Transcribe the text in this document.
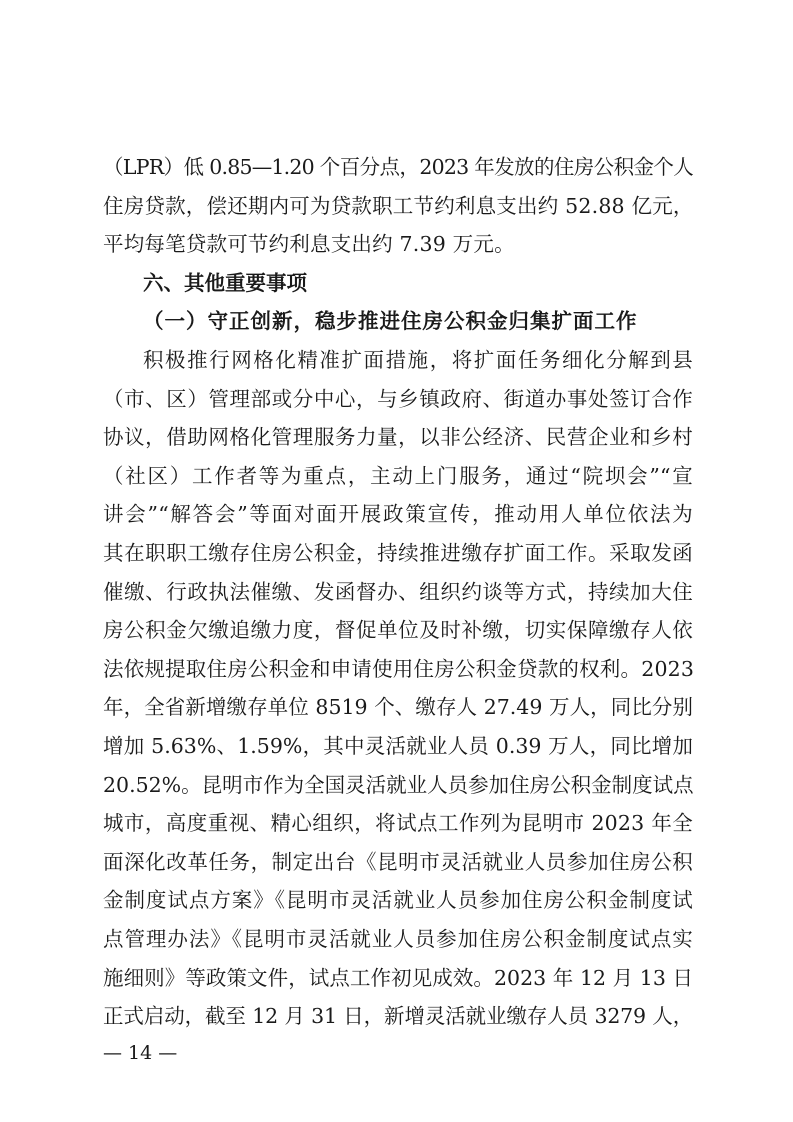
（LPR）低 0.85—1.20 个百分点，2023 年发放的住房公积金个人
住房贷款，偿还期内可为贷款职工节约利息支出约 52.88 亿元，
平均每笔贷款可节约利息支出约 7.39 万元。
六、其他重要事项
（一）守正创新，稳步推进住房公积金归集扩面工作
积极推行网格化精准扩面措施，将扩面任务细化分解到县
（市、区）管理部或分中心，与乡镇政府、街道办事处签订合作
协议，借助网格化管理服务力量，以非公经济、民营企业和乡村
（社区）工作者等为重点，主动上门服务，通过“院坝会”“宣
讲会”“解答会”等面对面开展政策宣传，推动用人单位依法为
其在职职工缴存住房公积金，持续推进缴存扩面工作。采取发函
催缴、行政执法催缴、发函督办、组织约谈等方式，持续加大住
房公积金欠缴追缴力度，督促单位及时补缴，切实保障缴存人依
法依规提取住房公积金和申请使用住房公积金贷款的权利。2023
年，全省新增缴存单位 8519 个、缴存人 27.49 万人，同比分别
增加 5.63%、1.59%，其中灵活就业人员 0.39 万人，同比增加
20.52%。昆明市作为全国灵活就业人员参加住房公积金制度试点
城市，高度重视、精心组织，将试点工作列为昆明市 2023 年全
面深化改革任务，制定出台《昆明市灵活就业人员参加住房公积
金制度试点方案》《昆明市灵活就业人员参加住房公积金制度试
点管理办法》《昆明市灵活就业人员参加住房公积金制度试点实
施细则》等政策文件，试点工作初见成效。2023 年 12 月 13 日
正式启动，截至 12 月 31 日，新增灵活就业缴存人员 3279 人，
— 14 —
